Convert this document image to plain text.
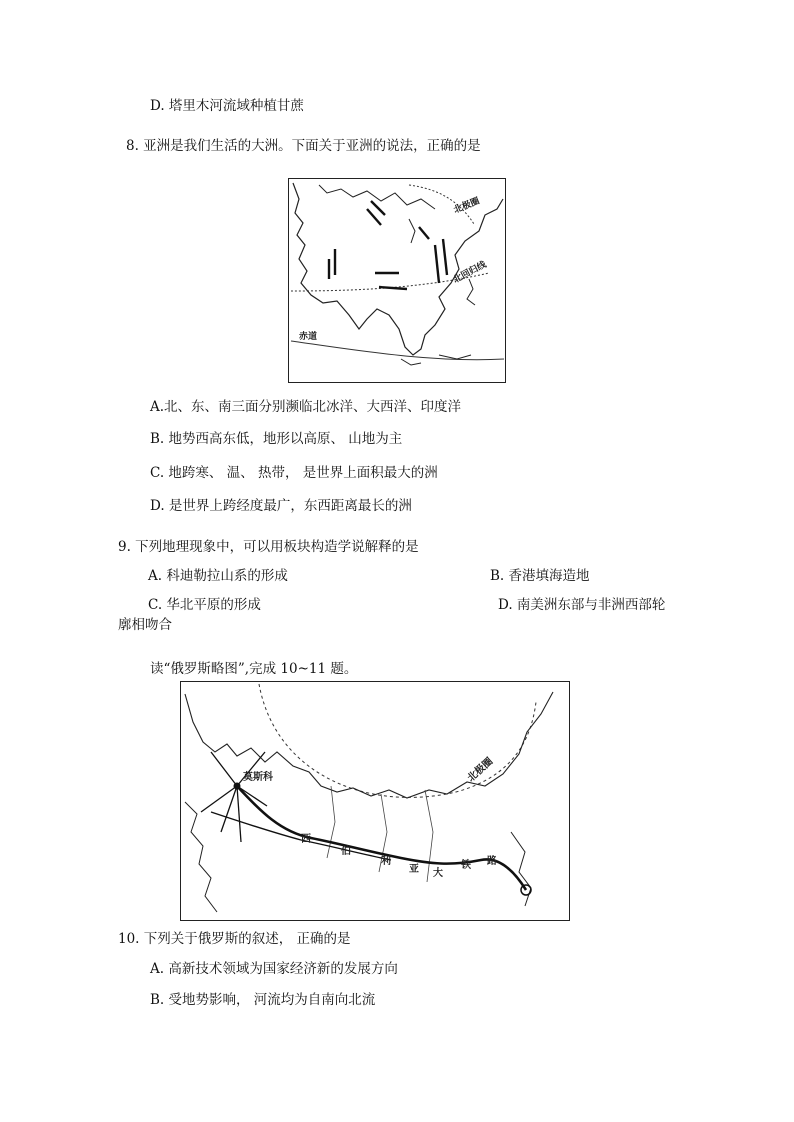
D. 塔里木河流域种植甘蔗
8. 亚洲是我们生活的大洲。下面关于亚洲的说法，正确的是
北极圈
北回归线
赤道
A.北、东、南三面分别濒临北冰洋、大西洋、印度洋
B. 地势西高东低，地形以高原、 山地为主
C. 地跨寒、 温、 热带， 是世界上面积最大的洲
D. 是世界上跨经度最广，东西距离最长的洲
9. 下列地理现象中，可以用板块构造学说解释的是
A. 科迪勒拉山系的形成	B. 香港填海造地
C. 华北平原的形成	D. 南美洲东部与非洲西部轮
廓相吻合
读“俄罗斯略图”,完成 10~11 题。
莫斯科	北极圈
西
伯
利
亚 大
铁 路
10. 下列关于俄罗斯的叙述， 正确的是
A. 高新技术领域为国家经济新的发展方向
B. 受地势影响， 河流均为自南向北流
